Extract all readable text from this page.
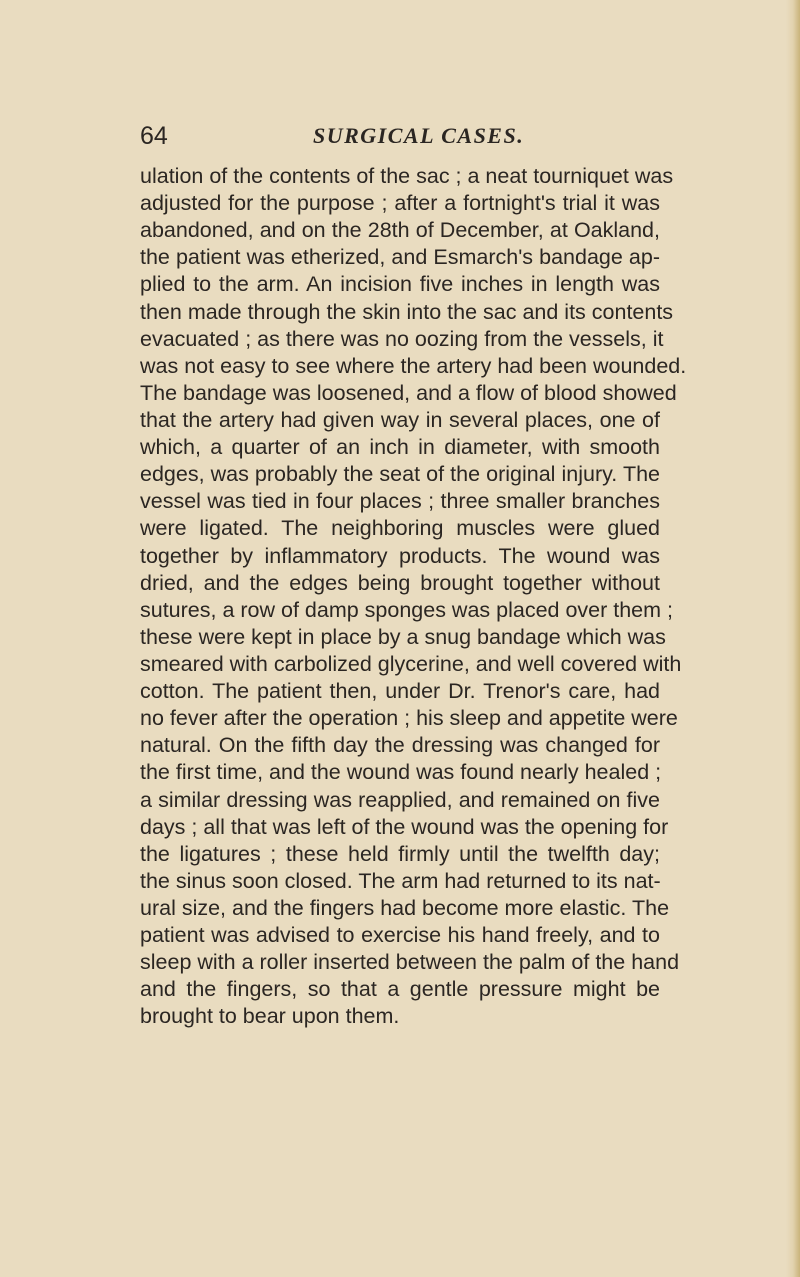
64	SURGICAL CASES.
ulation of the contents of the sac ; a neat tourniquet was
adjusted for the purpose ; after a fortnight's trial it was
abandoned, and on the 28th of December, at Oakland,
the patient was etherized, and Esmarch's bandage ap-
plied to the arm. An incision five inches in length was
then made through the skin into the sac and its contents
evacuated ; as there was no oozing from the vessels, it
was not easy to see where the artery had been wounded.
The bandage was loosened, and a flow of blood showed
that the artery had given way in several places, one of
which, a quarter of an inch in diameter, with smooth
edges, was probably the seat of the original injury. The
vessel was tied in four places ; three smaller branches
were ligated. The neighboring muscles were glued
together by inflammatory products. The wound was
dried, and the edges being brought together without
sutures, a row of damp sponges was placed over them ;
these were kept in place by a snug bandage which was
smeared with carbolized glycerine, and well covered with
cotton. The patient then, under Dr. Trenor's care, had
no fever after the operation ; his sleep and appetite were
natural. On the fifth day the dressing was changed for
the first time, and the wound was found nearly healed ;
a similar dressing was reapplied, and remained on five
days ; all that was left of the wound was the opening for
the ligatures ; these held firmly until the twelfth day;
the sinus soon closed. The arm had returned to its nat-
ural size, and the fingers had become more elastic. The
patient was advised to exercise his hand freely, and to
sleep with a roller inserted between the palm of the hand
and the fingers, so that a gentle pressure might be
brought to bear upon them.
